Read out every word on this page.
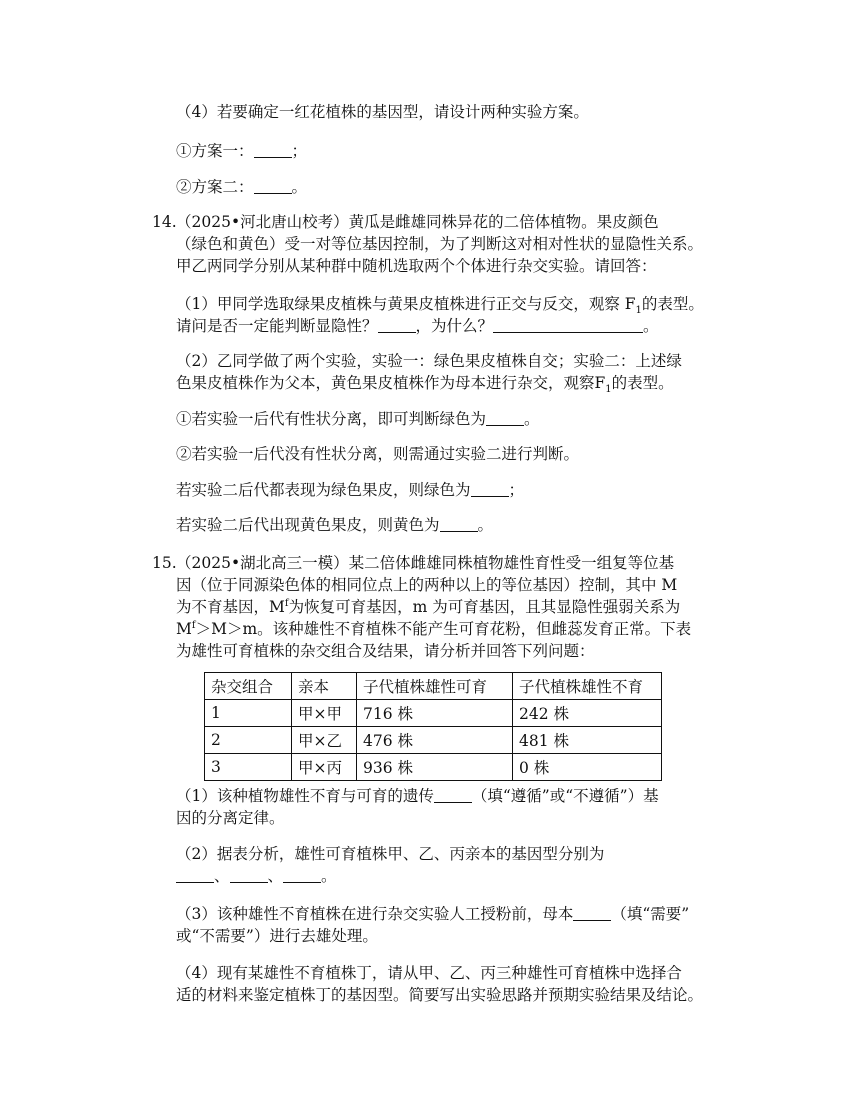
（4）若要确定一红花植株的基因型，请设计两种实验方案。
①方案一： ；
②方案二： 。
14. （2025•河北唐山校考）黄瓜是雌雄同株异花的二倍体植物。果皮颜色
（绿色和黄色）受一对等位基因控制，为了判断这对相对性状的显隐性关系。
甲乙两同学分别从某种群中随机选取两个个体进行杂交实验。请回答：
（1）甲同学选取绿果皮植株与黄果皮植株进行正交与反交，观察 $F_1$的表型。
请问是否一定能判断显隐性？ ，为什么？	。
（2）乙同学做了两个实验，实验一：绿色果皮植株自交；实验二：上述绿
色果皮植株作为父本，黄色果皮植株作为母本进行杂交，观察$F_1$的表型。
①若实验一后代有性状分离，即可判断绿色为 。
②若实验一后代没有性状分离，则需通过实验二进行判断。
若实验二后代都表现为绿色果皮，则绿色为 ；
若实验二后代出现黄色果皮，则黄色为 。
15. （2025•湖北高三一模）某二倍体雌雄同株植物雄性育性受一组复等位基
因（位于同源染色体的相同位点上的两种以上的等位基因）控制，其中 M
为不育基因，$M^f$为恢复可育基因，m 为可育基因，且其显隐性强弱关系为
$M^f>M>m$。该种雄性不育植株不能产生可育花粉，但雌蕊发育正常。下表
为雄性可育植株的杂交组合及结果，请分析并回答下列问题：
杂交组合	亲本	子代植株雄性可育	子代植株雄性不育
1	甲×甲	716 株	242 株
2	甲×乙	476 株	481 株
3	甲×丙	936 株	0 株
（1）该种植物雄性不育与可育的遗传 （填“遵循”或“不遵循”）基
因的分离定律。
（2）据表分析，雄性可育植株甲、乙、丙亲本的基因型分别为
、 、 。
（3）该种雄性不育植株在进行杂交实验人工授粉前，母本 （填“需要”
或“不需要”）进行去雄处理。
（4）现有某雄性不育植株丁，请从甲、乙、丙三种雄性可育植株中选择合
适的材料来鉴定植株丁的基因型。简要写出实验思路并预期实验结果及结论。
